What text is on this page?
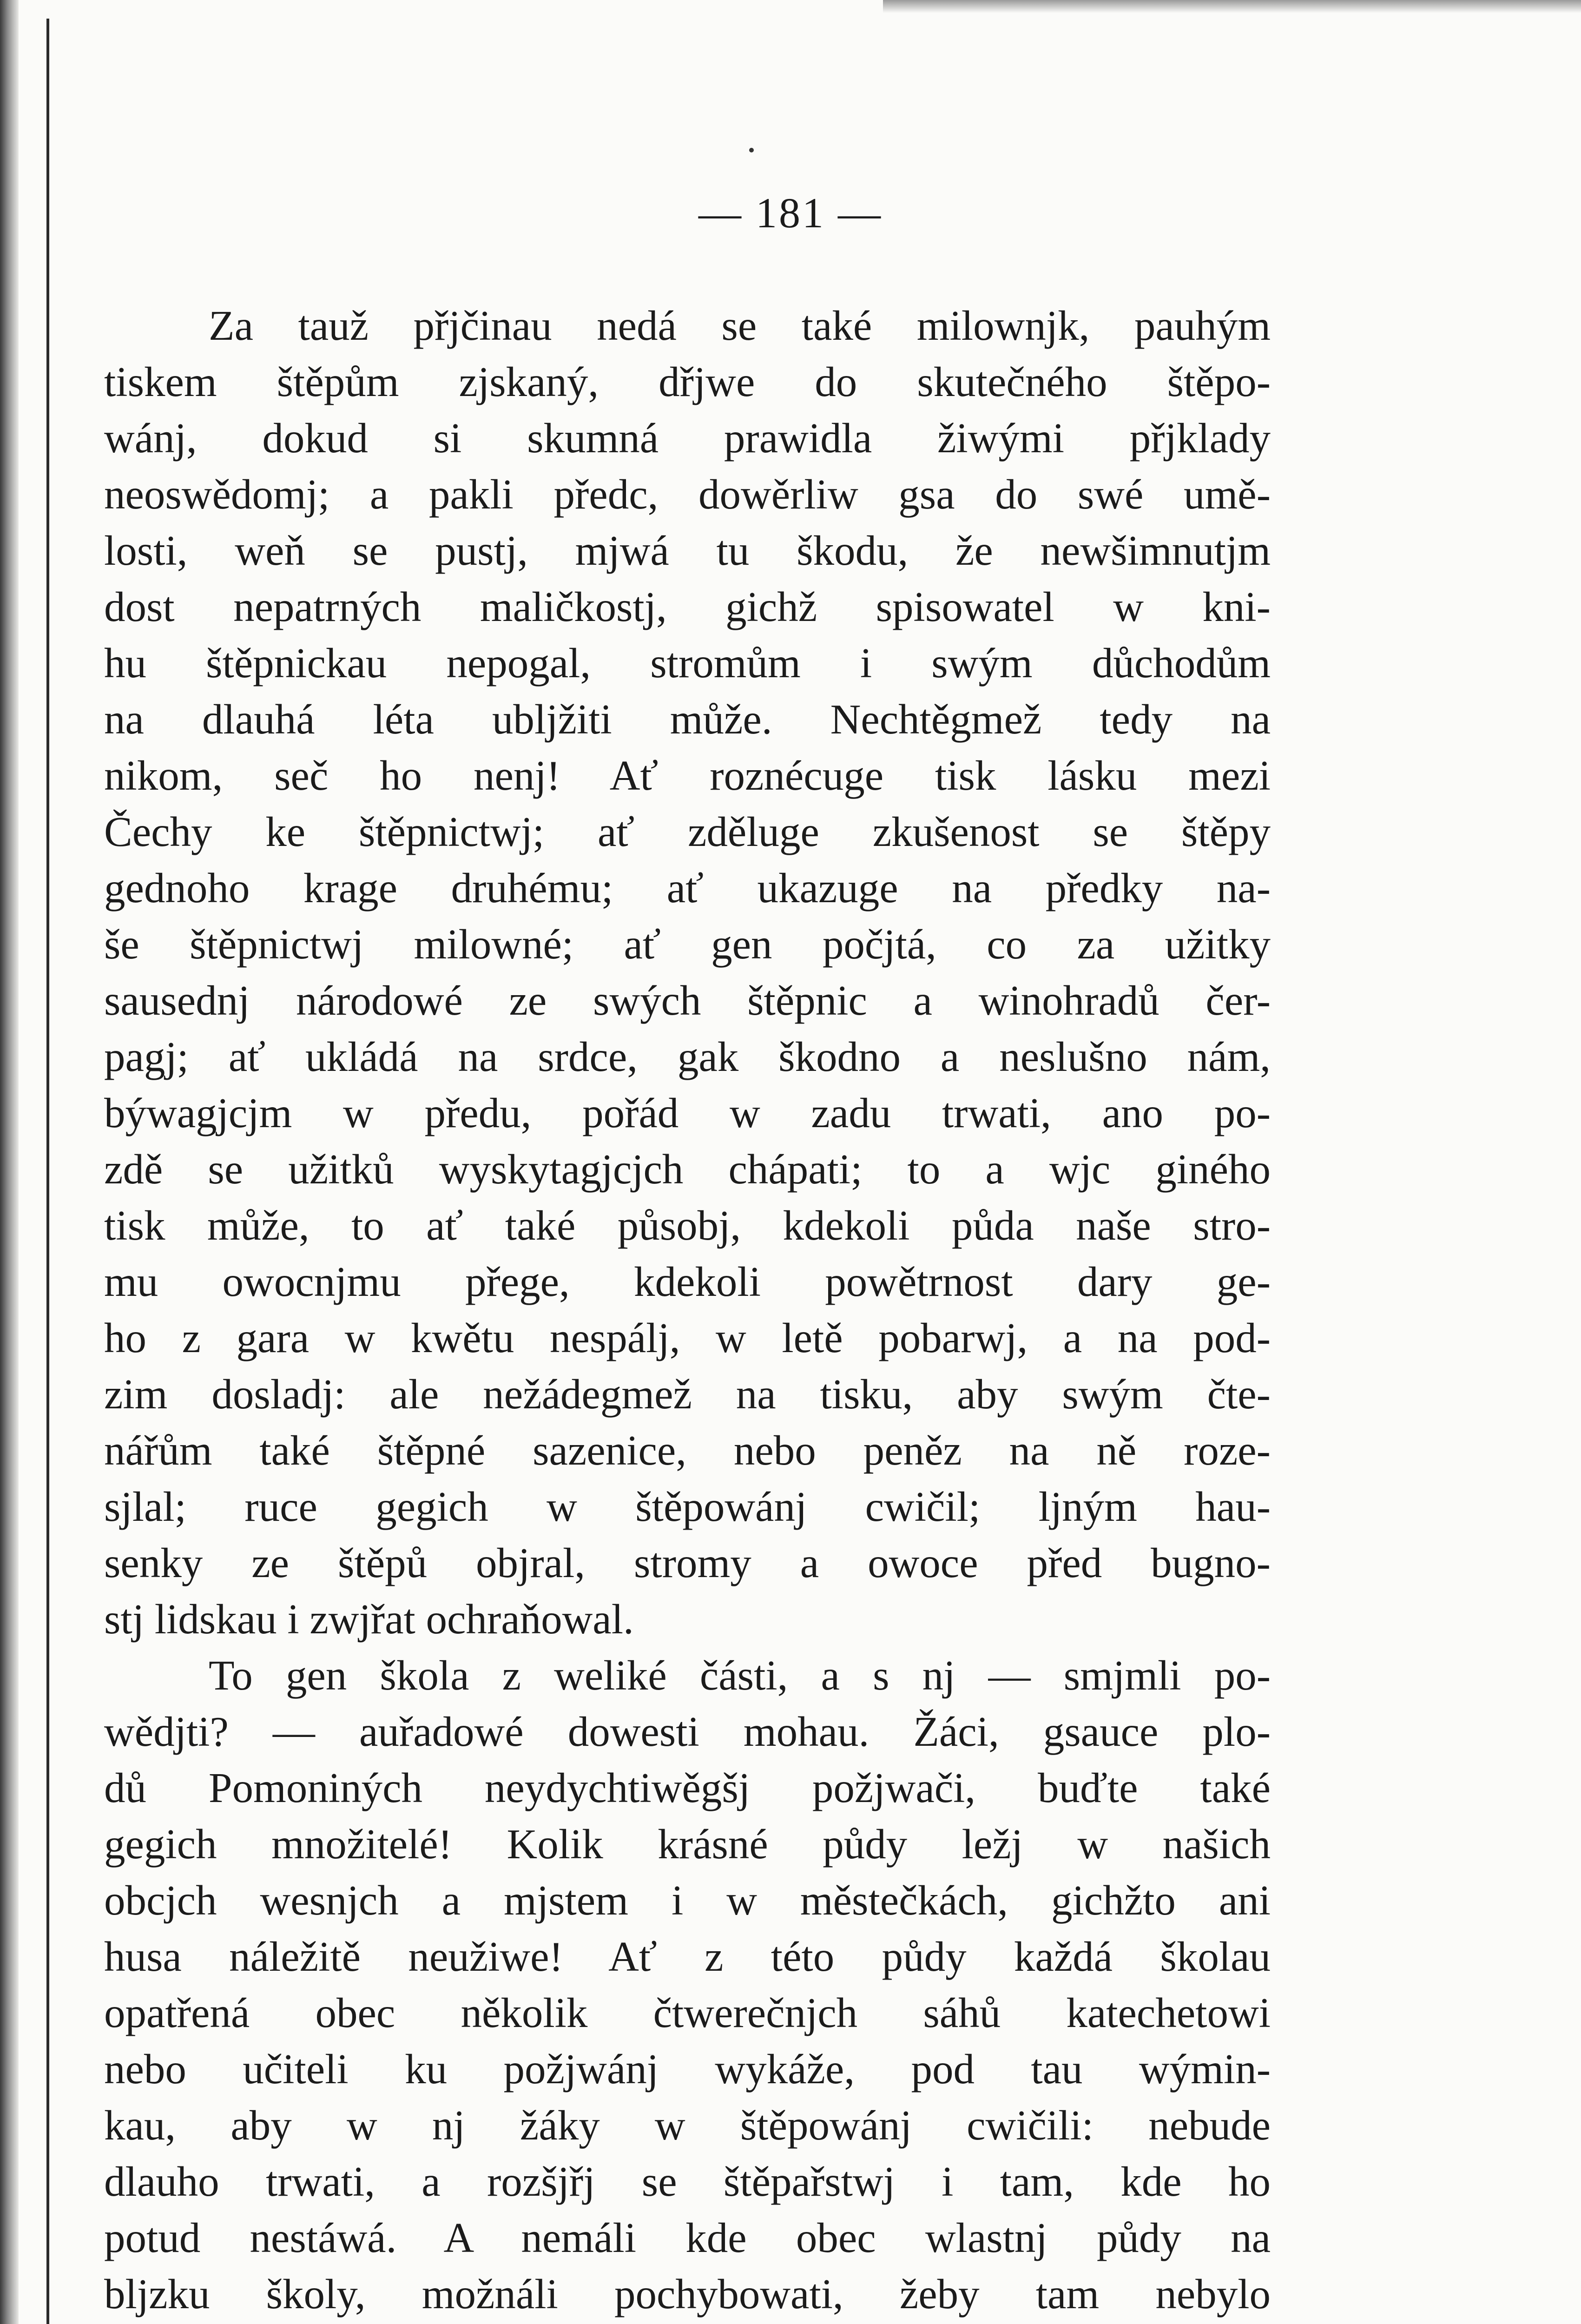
— 181 —
Za tauž přjčinau nedá se také milownjk, pauhým
tiskem štěpům zjskaný, dřjwe do skutečného štěpo-
wánj, dokud si skumná prawidla žiwými přjklady
neoswědomj; a pakli předc, dowěrliw gsa do swé umě-
losti, weň se pustj, mjwá tu škodu, že newšimnutjm
dost nepatrných maličkostj, gichž spisowatel w kni-
hu štěpnickau nepogal, stromům i swým důchodům
na dlauhá léta ublјžiti může. Nechtěgmež tedy na
nikom, seč ho nenj! Ať roznécuge tisk lásku mezi
Čechy ke štěpnictwj; ať zděluge zkušenost se štěpy
gednoho krage druhému; ať ukazuge na předky na-
še štěpnictwj milowné; ať gen počjtá, co za užitky
sausednj národowé ze swých štěpnic a winohradů čer-
pagj; ať ukládá na srdce, gak škodno a neslušno nám,
býwagjcjm w předu, pořád w zadu trwati, ano po-
zdě se užitků wyskytagjcjch chápati; to a wjc giného
tisk může, to ať také působj, kdekoli půda naše stro-
mu owocnjmu přege, kdekoli powětrnost dary ge-
ho z gara w kwětu nespálj, w letě pobarwj, a na pod-
zim dosladj: ale nežádegmež na tisku, aby swým čte-
nářům také štěpné sazenice, nebo peněz na ně roze-
sjlal; ruce gegich w štěpowánj cwičil; ljným hau-
senky ze štěpů objral, stromy a owoce před bugno-
stj lidskau i zwjřat ochraňowal.
To gen škola z weliké části, a s nj — smjmli po-
wědjti? — auřadowé dowesti mohau. Žáci, gsauce plo-
dů Pomoniných neydychtiwěgšj požjwači, buďte také
gegich množitelé! Kolik krásné půdy ležj w našich
obcjch wesnjch a mjstem i w městečkách, gichžto ani
husa náležitě neužiwe! Ať z této půdy každá školau
opatřená obec několik čtwerečnjch sáhů katechetowi
nebo učiteli ku požjwánj wykáže, pod tau wýmin-
kau, aby w nj žáky w štěpowánj cwičili: nebude
dlauho trwati, a rozšjřj se štěpařstwj i tam, kde ho
potud nestáwá. A nemáli kde obec wlastnj půdy na
bljzku školy, možnáli pochybowati, žeby tam nebylo
